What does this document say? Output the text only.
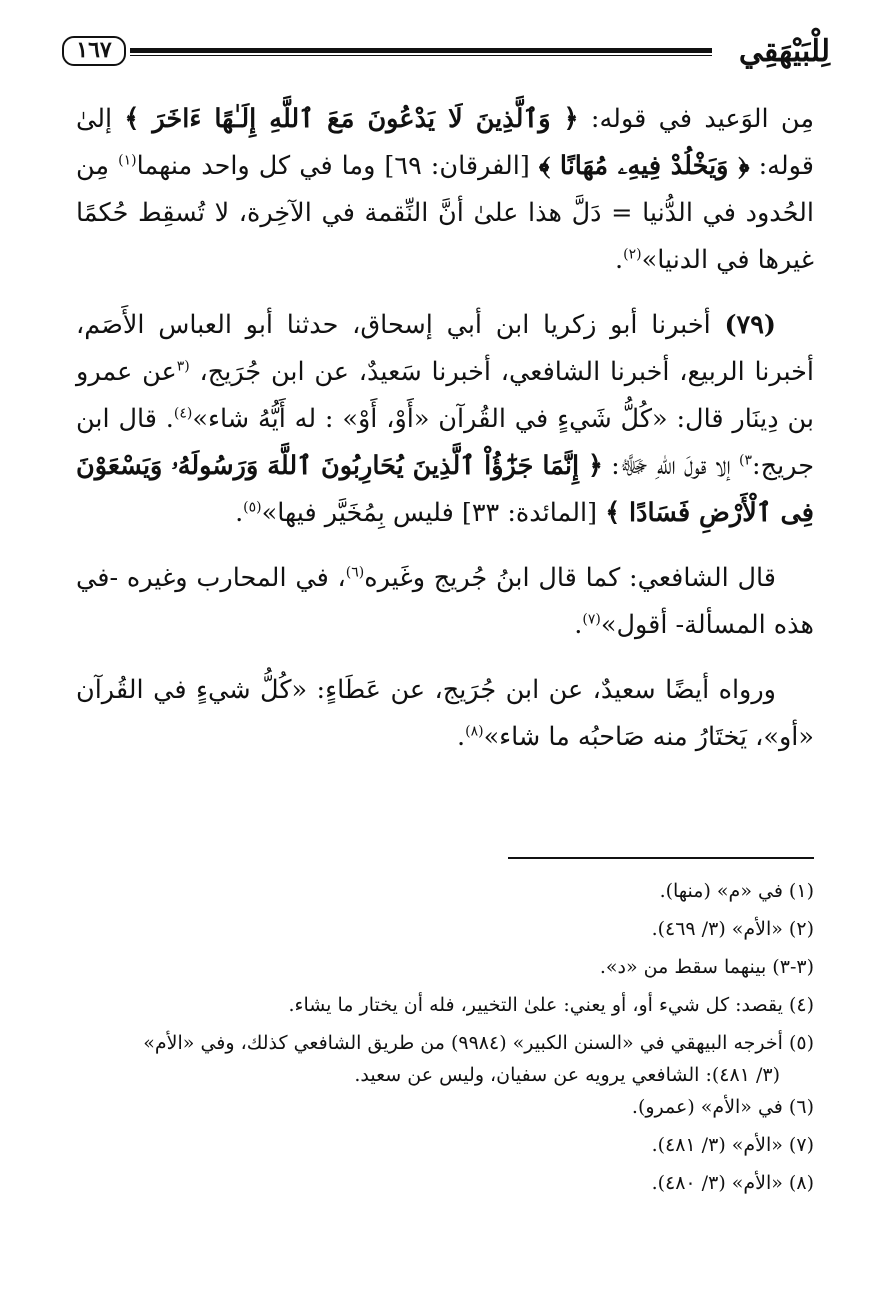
١٦٧	لِلْبَيْهَقِي

مِن الوَعيد في قوله: ﴿ وَٱلَّذِينَ لَا يَدْعُونَ مَعَ ٱللَّهِ إِلَـٰهًا ءَاخَرَ ﴾ إلىٰ قوله: ﴿ وَيَخْلُدْ فِيهِۦ مُهَانًا ﴾ [الفرقان: ٦٩] وما في كل واحد منهما$^{(١)}$ مِن الحُدود في الدُّنيا = دَلَّ هذا علىٰ أنَّ النِّقمة في الآخِرة، لا تُسقِط حُكمًا غيرها في الدنيا»$^{(٢)}$.

(٧٩) أخبرنا أبو زكريا ابن أبي إسحاق، حدثنا أبو العباس الأَصَم، أخبرنا الربيع، أخبرنا الشافعي، أخبرنا سَعيدٌ، عن ابن جُرَيج، $^{(٣}$عن عمرو بن دِينَار قال: «كُلُّ شَيءٍ في القُرآن «أَوْ، أَوْ» : له أَيُّهُ شاء»$^{(٤)}$. قال ابن جريج:$^{٣)}$ إلا قولَ اللهِ ﷻ: ﴿ إِنَّمَا جَزَٰٓؤُاْ ٱلَّذِينَ يُحَارِبُونَ ٱللَّهَ وَرَسُولَهُۥ وَيَسْعَوْنَ فِى ٱلْأَرْضِ فَسَادًا ﴾ [المائدة: ٣٣] فليس بِمُخَيَّر فيها»$^{(٥)}$.

قال الشافعي: كما قال ابنُ جُريج وغَيره$^{(٦)}$، في المحارب وغيره -في هذه المسألة- أقول»$^{(٧)}$.

ورواه أيضًا سعيدٌ، عن ابن جُرَيج، عن عَطَاءٍ: «كُلُّ شيءٍ في القُرآن «أو»، يَختَارُ منه صَاحبُه ما شاء»$^{(٨)}$.

(١) في «م» (منها).
(٢) «الأم» (٣/ ٤٦٩).
(٣-٣) بينهما سقط من «د».
(٤) يقصد: كل شيء أو، أو يعني: علىٰ التخيير، فله أن يختار ما يشاء.
(٥) أخرجه البيهقي في «السنن الكبير» (٩٩٨٤) من طريق الشافعي كذلك، وفي «الأم»
(٣/ ٤٨١): الشافعي يرويه عن سفيان، وليس عن سعيد.
(٦) في «الأم» (عمرو).
(٧) «الأم» (٣/ ٤٨١).
(٨) «الأم» (٣/ ٤٨٠).
